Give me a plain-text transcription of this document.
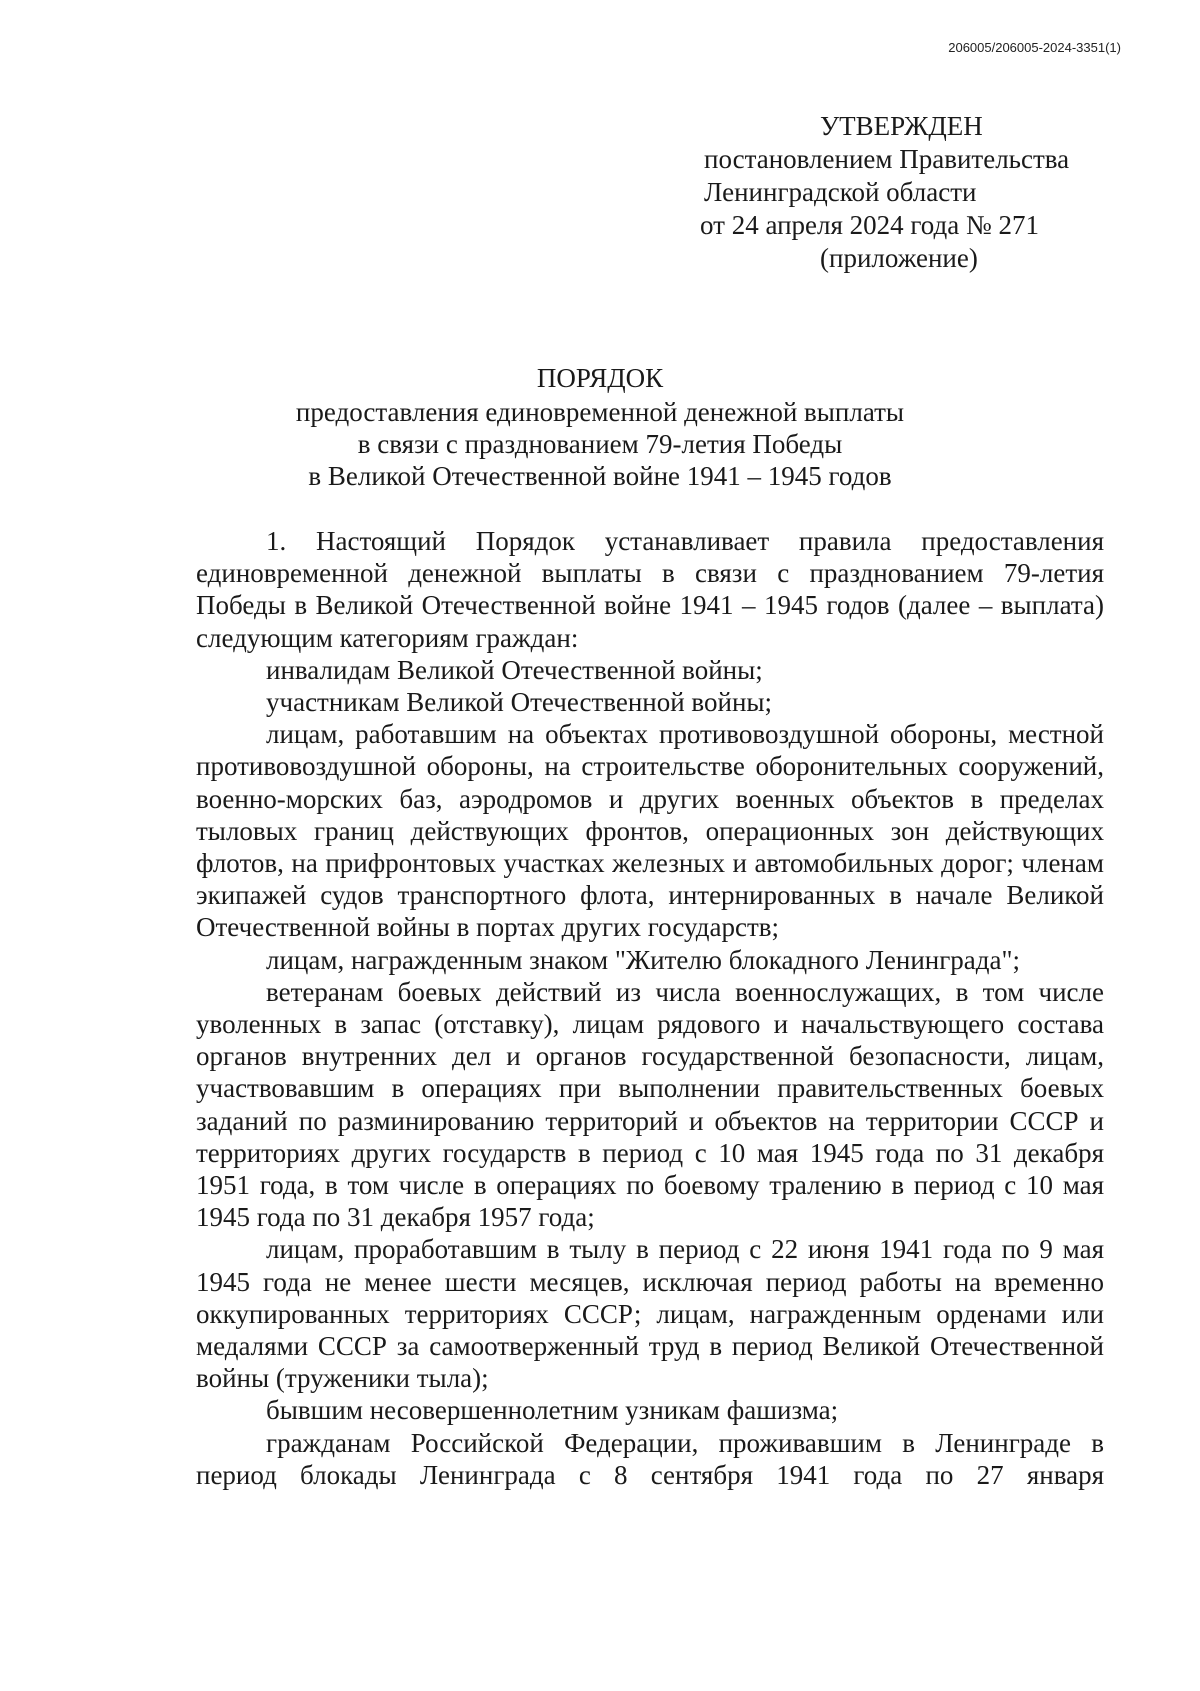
206005/206005-2024-3351(1)
УТВЕРЖДЕН
постановлением Правительства
Ленинградской области
от 24 апреля 2024 года № 271
(приложение)
ПОРЯДОК
предоставления единовременной денежной выплаты
в связи с празднованием 79-летия Победы
в Великой Отечественной войне 1941 – 1945 годов

1. Настоящий Порядок устанавливает правила предоставления единовременной денежной выплаты в связи с празднованием 79-летия Победы в Великой Отечественной войне 1941 – 1945 годов (далее – выплата) следующим категориям граждан:

инвалидам Великой Отечественной войны;

участникам Великой Отечественной войны;

лицам, работавшим на объектах противовоздушной обороны, местной противовоздушной обороны, на строительстве оборонительных сооружений, военно-морских баз, аэродромов и других военных объектов в пределах тыловых границ действующих фронтов, операционных зон действующих флотов, на прифронтовых участках железных и автомобильных дорог; членам экипажей судов транспортного флота, интернированных в начале Великой Отечественной войны в портах других государств;

лицам, награжденным знаком "Жителю блокадного Ленинграда";

ветеранам боевых действий из числа военнослужащих, в том числе уволенных в запас (отставку), лицам рядового и начальствующего состава органов внутренних дел и органов государственной безопасности, лицам, участвовавшим в операциях при выполнении правительственных боевых заданий по разминированию территорий и объектов на территории СССР и территориях других государств в период с 10 мая 1945 года по 31 декабря 1951 года, в том числе в операциях по боевому тралению в период с 10 мая 1945 года по 31 декабря 1957 года;

лицам, проработавшим в тылу в период с 22 июня 1941 года по 9 мая 1945 года не менее шести месяцев, исключая период работы на временно оккупированных территориях СССР; лицам, награжденным орденами или медалями СССР за самоотверженный труд в период Великой Отечественной войны (труженики тыла);

бывшим несовершеннолетним узникам фашизма;

гражданам Российской Федерации, проживавшим в Ленинграде в период блокады Ленинграда с 8 сентября 1941 года по 27 января
